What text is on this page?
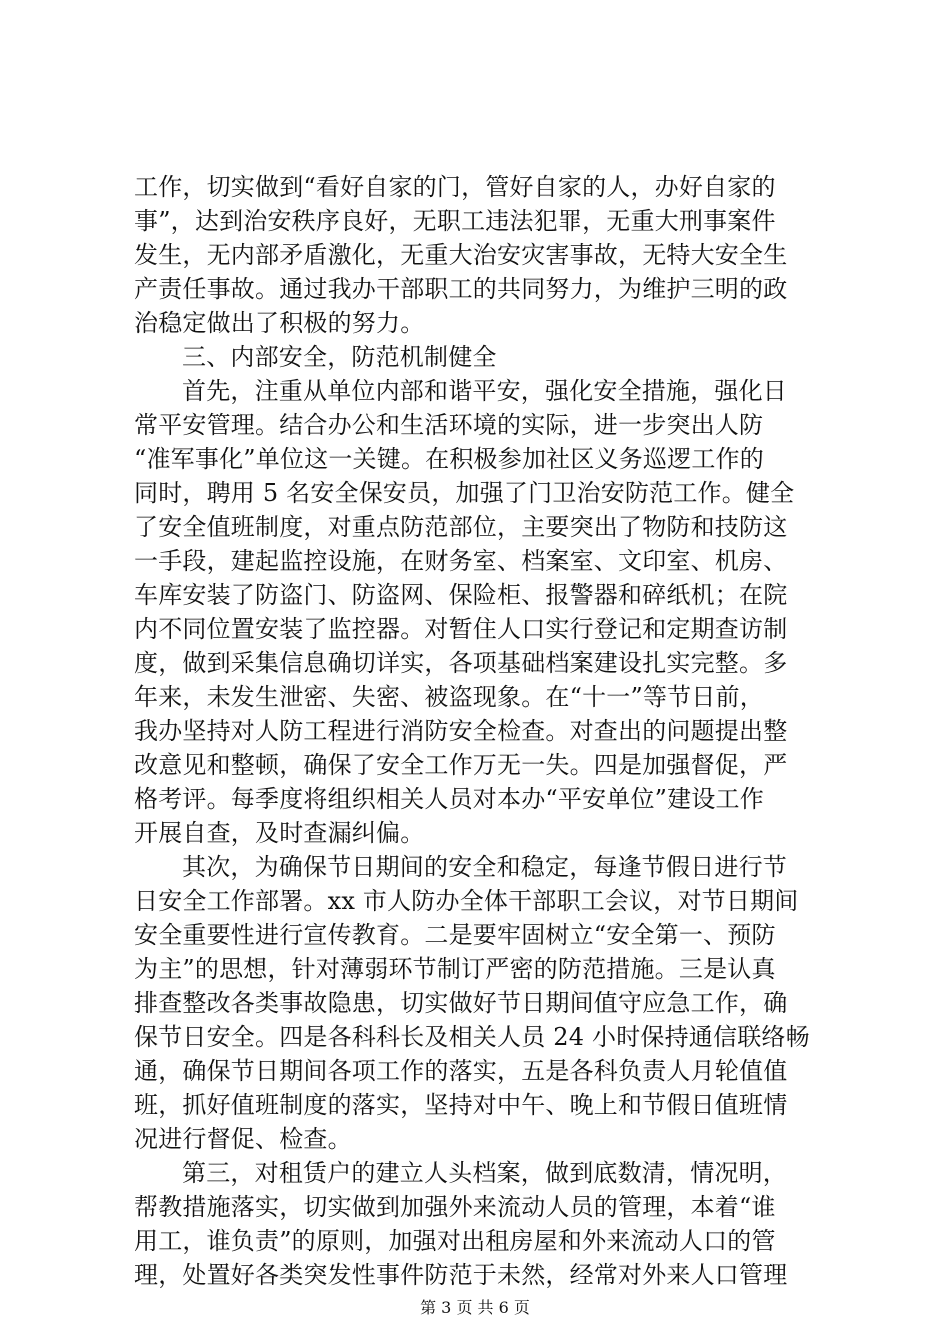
工作，切实做到“看好自家的门，管好自家的人，办好自家的
事”，达到治安秩序良好，无职工违法犯罪，无重大刑事案件
发生，无内部矛盾激化，无重大治安灾害事故，无特大安全生
产责任事故。通过我办干部职工的共同努力，为维护三明的政
治稳定做出了积极的努力。
三、内部安全，防范机制健全
首先，注重从单位内部和谐平安，强化安全措施，强化日
常平安管理。结合办公和生活环境的实际，进一步突出人防
“准军事化”单位这一关键。在积极参加社区义务巡逻工作的
同时，聘用 5 名安全保安员，加强了门卫治安防范工作。健全
了安全值班制度，对重点防范部位，主要突出了物防和技防这
一手段，建起监控设施，在财务室、档案室、文印室、机房、
车库安装了防盗门、防盗网、保险柜、报警器和碎纸机；在院
内不同位置安装了监控器。对暂住人口实行登记和定期查访制
度，做到采集信息确切详实，各项基础档案建设扎实完整。多
年来，未发生泄密、失密、被盗现象。在“十一”等节日前，
我办坚持对人防工程进行消防安全检查。对查出的问题提出整
改意见和整顿，确保了安全工作万无一失。四是加强督促，严
格考评。每季度将组织相关人员对本办“平安单位”建设工作
开展自查，及时查漏纠偏。
其次，为确保节日期间的安全和稳定，每逢节假日进行节
日安全工作部署。xx 市人防办全体干部职工会议，对节日期间
安全重要性进行宣传教育。二是要牢固树立“安全第一、预防
为主”的思想，针对薄弱环节制订严密的防范措施。三是认真
排查整改各类事故隐患，切实做好节日期间值守应急工作，确
保节日安全。四是各科科长及相关人员 24 小时保持通信联络畅
通，确保节日期间各项工作的落实，五是各科负责人月轮值值
班，抓好值班制度的落实，坚持对中午、晚上和节假日值班情
况进行督促、检查。
第三，对租赁户的建立人头档案，做到底数清，情况明，
帮教措施落实，切实做到加强外来流动人员的管理，本着“谁
用工，谁负责”的原则，加强对出租房屋和外来流动人口的管
理，处置好各类突发性事件防范于未然，经常对外来人口管理
第 3 页 共 6 页
